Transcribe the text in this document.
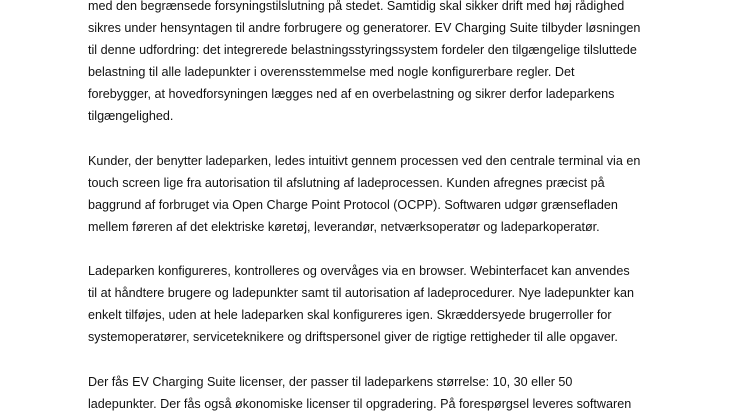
med den begrænsede forsyningstilslutning på stedet. Samtidig skal sikker drift med høj rådighed
sikres under hensyntagen til andre forbrugere og generatorer. EV Charging Suite tilbyder løsningen
til denne udfordring: det integrerede belastningsstyringssystem fordeler den tilgængelige tilsluttede
belastning til alle ladepunkter i overensstemmelse med nogle konfigurerbare regler. Det
forebygger, at hovedforsyningen lægges ned af en overbelastning og sikrer derfor ladeparkens
tilgængelighed.

Kunder, der benytter ladeparken, ledes intuitivt gennem processen ved den centrale terminal via en
touch screen lige fra autorisation til afslutning af ladeprocessen. Kunden afregnes præcist på
baggrund af forbruget via Open Charge Point Protocol (OCPP). Softwaren udgør grænsefladen
mellem føreren af det elektriske køretøj, leverandør, netværksoperatør og ladeparkoperatør.

Ladeparken konfigureres, kontrolleres og overvåges via en browser. Webinterfacet kan anvendes
til at håndtere brugere og ladepunkter samt til autorisation af ladeprocedurer. Nye ladepunkter kan
enkelt tilføjes, uden at hele ladeparken skal konfigureres igen. Skræddersyede brugerroller for
systemoperatører, serviceteknikere og driftspersonel giver de rigtige rettigheder til alle opgaver.

Der fås EV Charging Suite licenser, der passer til ladeparkens størrelse: 10, 30 eller 50
ladepunkter. Der fås også økonomiske licenser til opgradering. På forespørgsel leveres softwaren
